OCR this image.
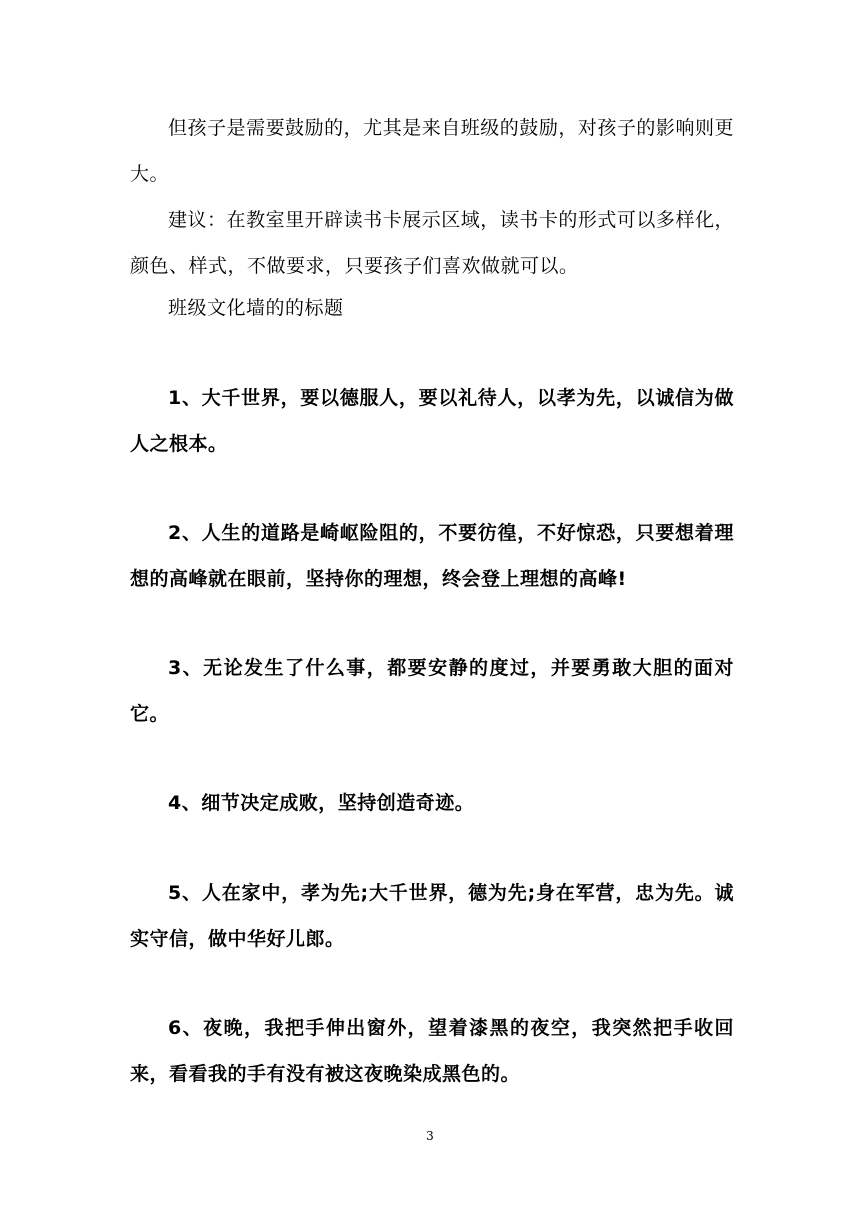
但孩子是需要鼓励的，尤其是来自班级的鼓励，对孩子的影响则更大。

建议：在教室里开辟读书卡展示区域，读书卡的形式可以多样化，颜色、样式，不做要求，只要孩子们喜欢做就可以。

班级文化墙的的标题

1、大千世界，要以德服人，要以礼待人，以孝为先，以诚信为做人之根本。

2、人生的道路是崎岖险阻的，不要彷徨，不好惊恐，只要想着理想的高峰就在眼前，坚持你的理想，终会登上理想的高峰!

3、无论发生了什么事，都要安静的度过，并要勇敢大胆的面对它。

4、细节决定成败，坚持创造奇迹。

5、人在家中，孝为先;大千世界，德为先;身在军营，忠为先。诚实守信，做中华好儿郎。

6、夜晚，我把手伸出窗外，望着漆黑的夜空，我突然把手收回来，看看我的手有没有被这夜晚染成黑色的。

3
